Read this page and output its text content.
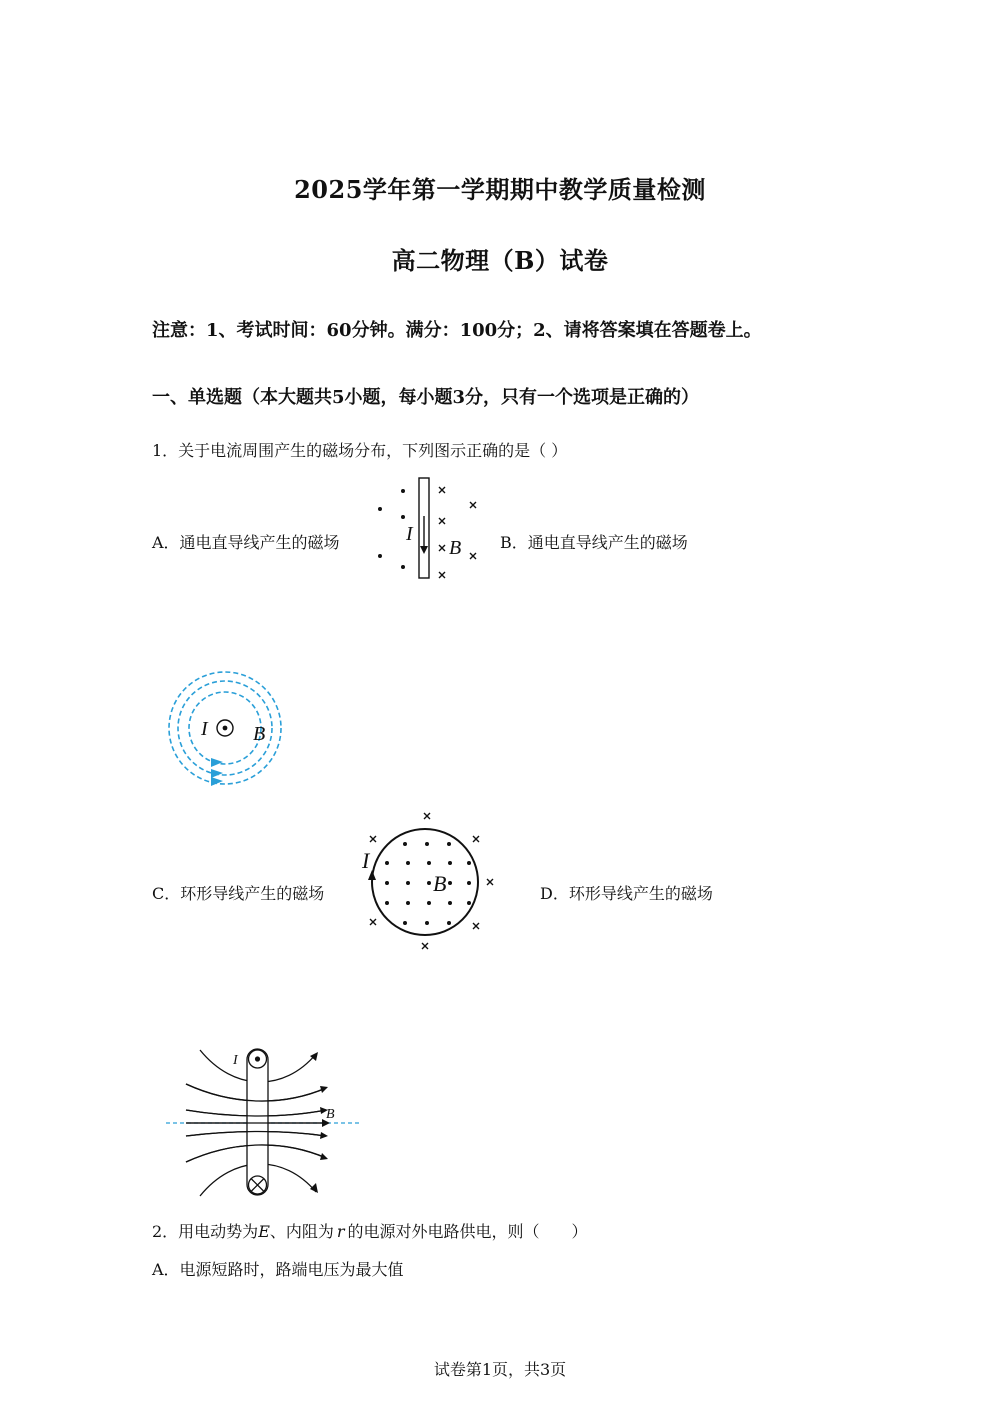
2025学年第一学期期中教学质量检测
高二物理（B）试卷
注意：1、考试时间：60分钟。满分：100分；2、请将答案填在答题卷上。
一、单选题（本大题共5小题，每小题3分，只有一个选项是正确的）
1．关于电流周围产生的磁场分布，下列图示正确的是（ ）
A．通电直导线产生的磁场	I
B B．通电直导线产生的磁场
I B
C．环形导线产生的磁场
I
B	D．环形导线产生的磁场
I
B
2．用电动势为E、内阻为 r 的电源对外电路供电，则（　　）
A．电源短路时，路端电压为最大值
试卷第1页，共3页
